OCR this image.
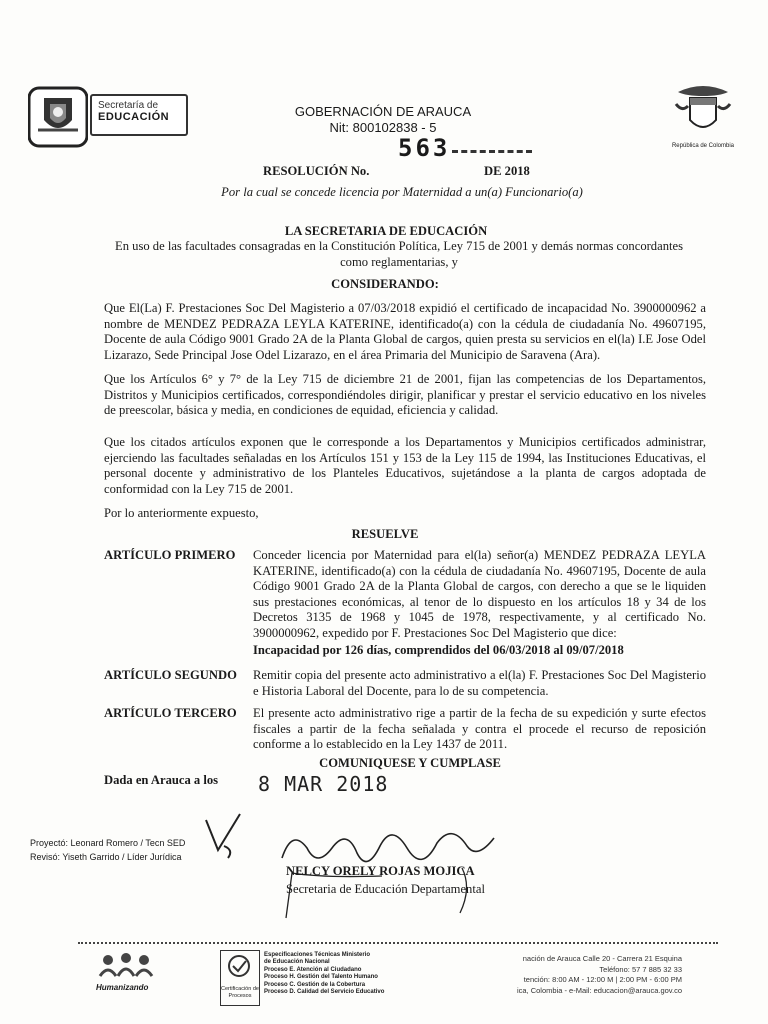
Secretaría de
EDUCACIÓN
República de Colombia
GOBERNACIÓN DE ARAUCA
Nit: 800102838 - 5
563
RESOLUCIÓN No.	DE 2018
Por la cual se concede licencia por Maternidad a un(a) Funcionario(a)
LA SECRETARIA DE EDUCACIÓN
En uso de las facultades consagradas en la Constitución Política, Ley 715 de 2001 y demás normas concordantes como reglamentarias, y
CONSIDERANDO:
Que El(La) F. Prestaciones Soc Del Magisterio a 07/03/2018 expidió el certificado de incapacidad No. 3900000962 a nombre de MENDEZ PEDRAZA LEYLA KATERINE, identificado(a) con la cédula de ciudadanía No. 49607195, Docente de aula Código 9001 Grado 2A de la Planta Global de cargos, quien presta su servicios en el(la) I.E Jose Odel Lizarazo, Sede Principal Jose Odel Lizarazo, en el área Primaria del Municipio de Saravena (Ara).
Que los Artículos 6° y 7° de la Ley 715 de diciembre 21 de 2001, fijan las competencias de los Departamentos, Distritos y Municipios certificados, correspondiéndoles dirigir, planificar y prestar el servicio educativo en los niveles de preescolar, básica y media, en condiciones de equidad, eficiencia y calidad.
Que los citados artículos exponen que le corresponde a los Departamentos y Municipios certificados administrar, ejerciendo las facultades señaladas en los Artículos 151 y 153 de la Ley 115 de 1994, las Instituciones Educativas, el personal docente y administrativo de los Planteles Educativos, sujetándose a la planta de cargos adoptada de conformidad con la Ley 715 de 2001.
Por lo anteriormente expuesto,
RESUELVE
ARTÍCULO PRIMERO Conceder licencia por Maternidad para el(la) señor(a) MENDEZ PEDRAZA LEYLA KATERINE, identificado(a) con la cédula de ciudadanía No. 49607195, Docente de aula Código 9001 Grado 2A de la Planta Global de cargos, con derecho a que se le liquiden sus prestaciones económicas, al tenor de lo dispuesto en los artículos 18 y 34 de los Decretos 3135 de 1968 y 1045 de 1978, respectivamente, y al certificado No. 3900000962, expedido por F. Prestaciones Soc Del Magisterio que dice:
Incapacidad por 126 días, comprendidos del 06/03/2018 al 09/07/2018
ARTÍCULO SEGUNDO Remitir copia del presente acto administrativo a el(la) F. Prestaciones Soc Del Magisterio e Historia Laboral del Docente, para lo de su competencia.
ARTÍCULO TERCERO El presente acto administrativo rige a partir de la fecha de su expedición y surte efectos fiscales a partir de la fecha señalada y contra el procede el recurso de reposición conforme a lo establecido en la Ley 1437 de 2011.
COMUNIQUESE Y CUMPLASE
Dada en Arauca a los 8 MAR 2018
NELCY ORELY ROJAS MOJICA
Secretaria de Educación Departamental
Proyectó: Leonard Romero / Tecn SED
Revisó: Yiseth Garrido / Líder Jurídica
Humanizando	Certificación de Procesos
Especificaciones Técnicas Ministerio
de Educación Nacional
Proceso E. Atención al Ciudadano
Proceso H. Gestión del Talento Humano
Proceso C. Gestión de la Cobertura
Proceso D. Calidad del Servicio Educativo
nación de Arauca Calle 20 - Carrera 21 Esquina
Teléfono: 57 7 885 32 33
tención: 8:00 AM - 12:00 M | 2:00 PM - 6:00 PM
ica, Colombia - e-Mail: educacion@arauca.gov.co
